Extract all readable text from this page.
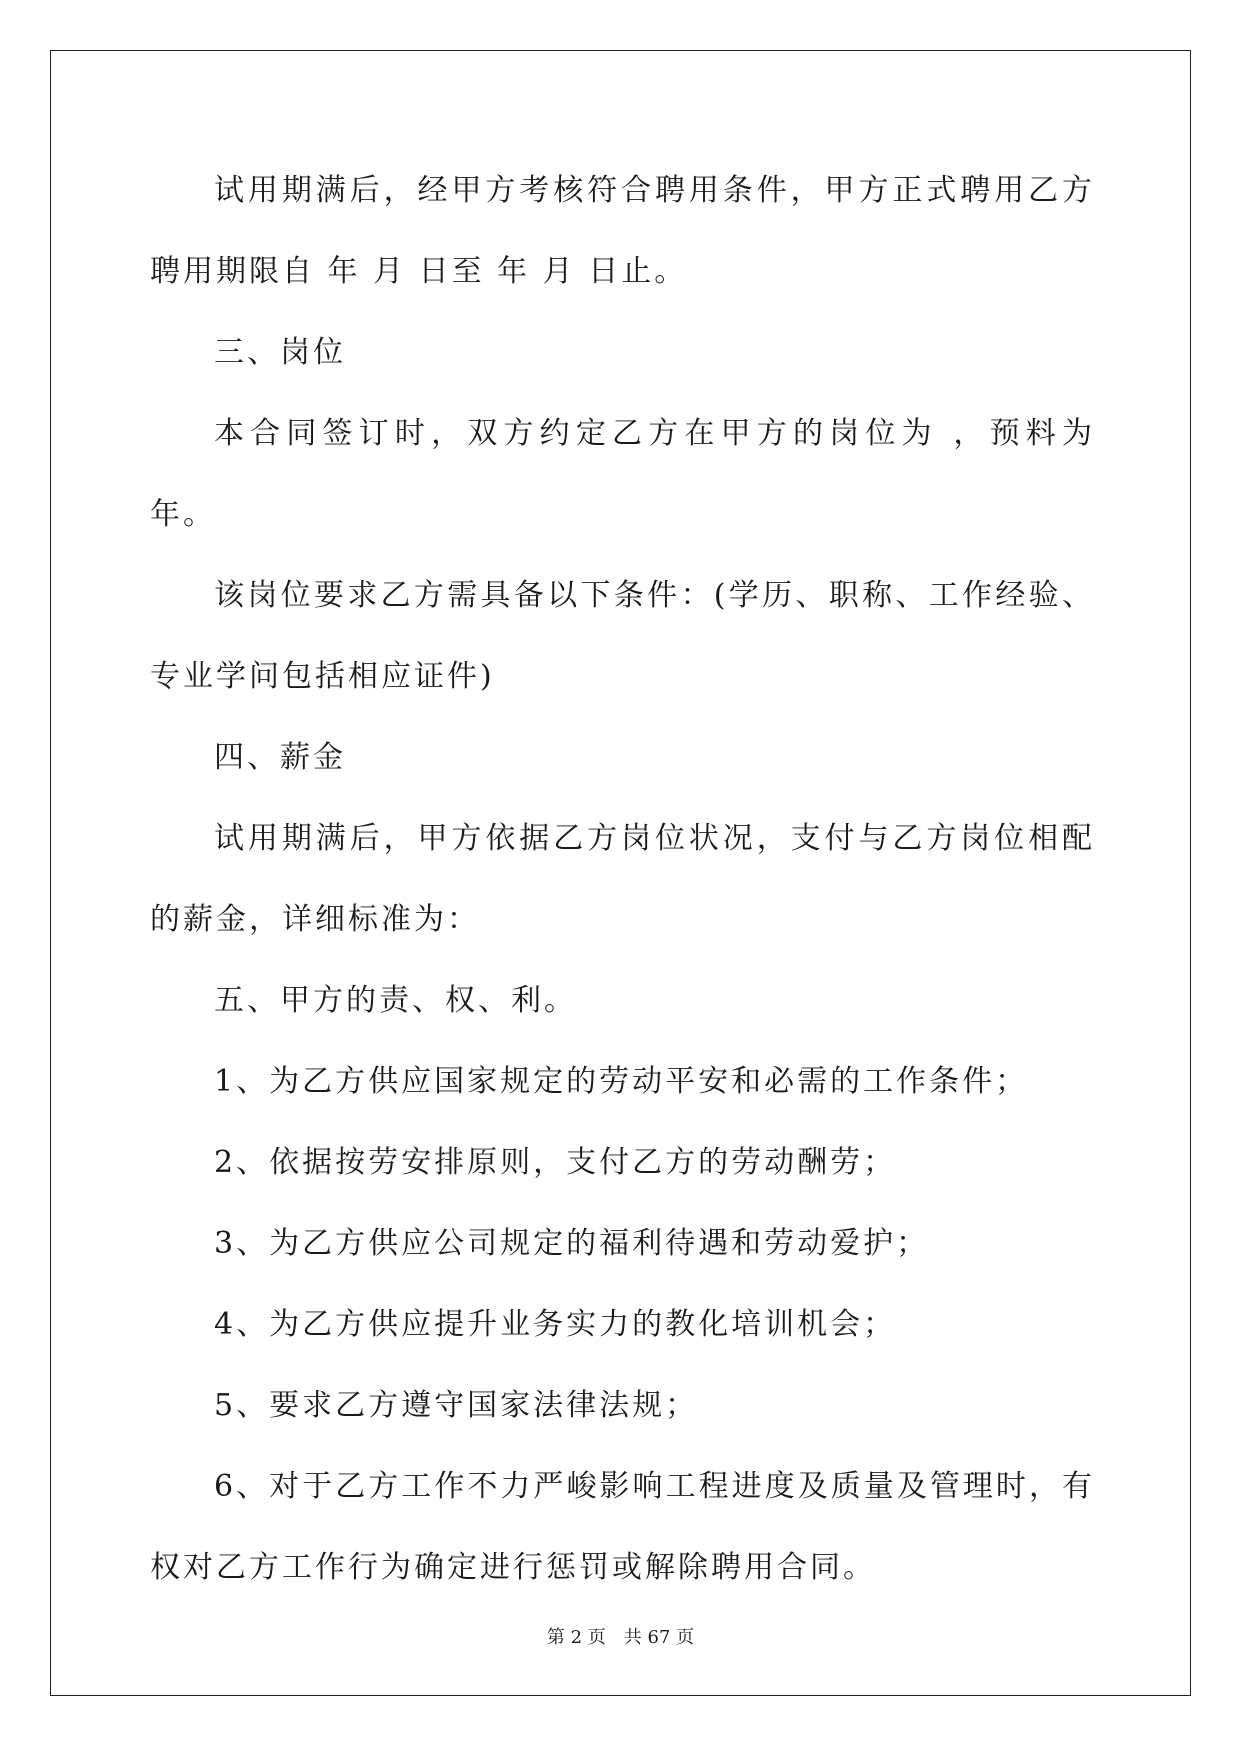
试用期满后，经甲方考核符合聘用条件，甲方正式聘用乙方聘用期限自 年 月 日至 年 月 日止。

三、岗位

本合同签订时，双方约定乙方在甲方的岗位为 ，预料为 年。

该岗位要求乙方需具备以下条件：(学历、职称、工作经验、专业学问包括相应证件)

四、薪金

试用期满后，甲方依据乙方岗位状况，支付与乙方岗位相配的薪金，详细标准为：

五、甲方的责、权、利。

1、为乙方供应国家规定的劳动平安和必需的工作条件；

2、依据按劳安排原则，支付乙方的劳动酬劳；

3、为乙方供应公司规定的福利待遇和劳动爱护；

4、为乙方供应提升业务实力的教化培训机会；

5、要求乙方遵守国家法律法规；

6、对于乙方工作不力严峻影响工程进度及质量及管理时，有权对乙方工作行为确定进行惩罚或解除聘用合同。

第 2 页 共 67 页
